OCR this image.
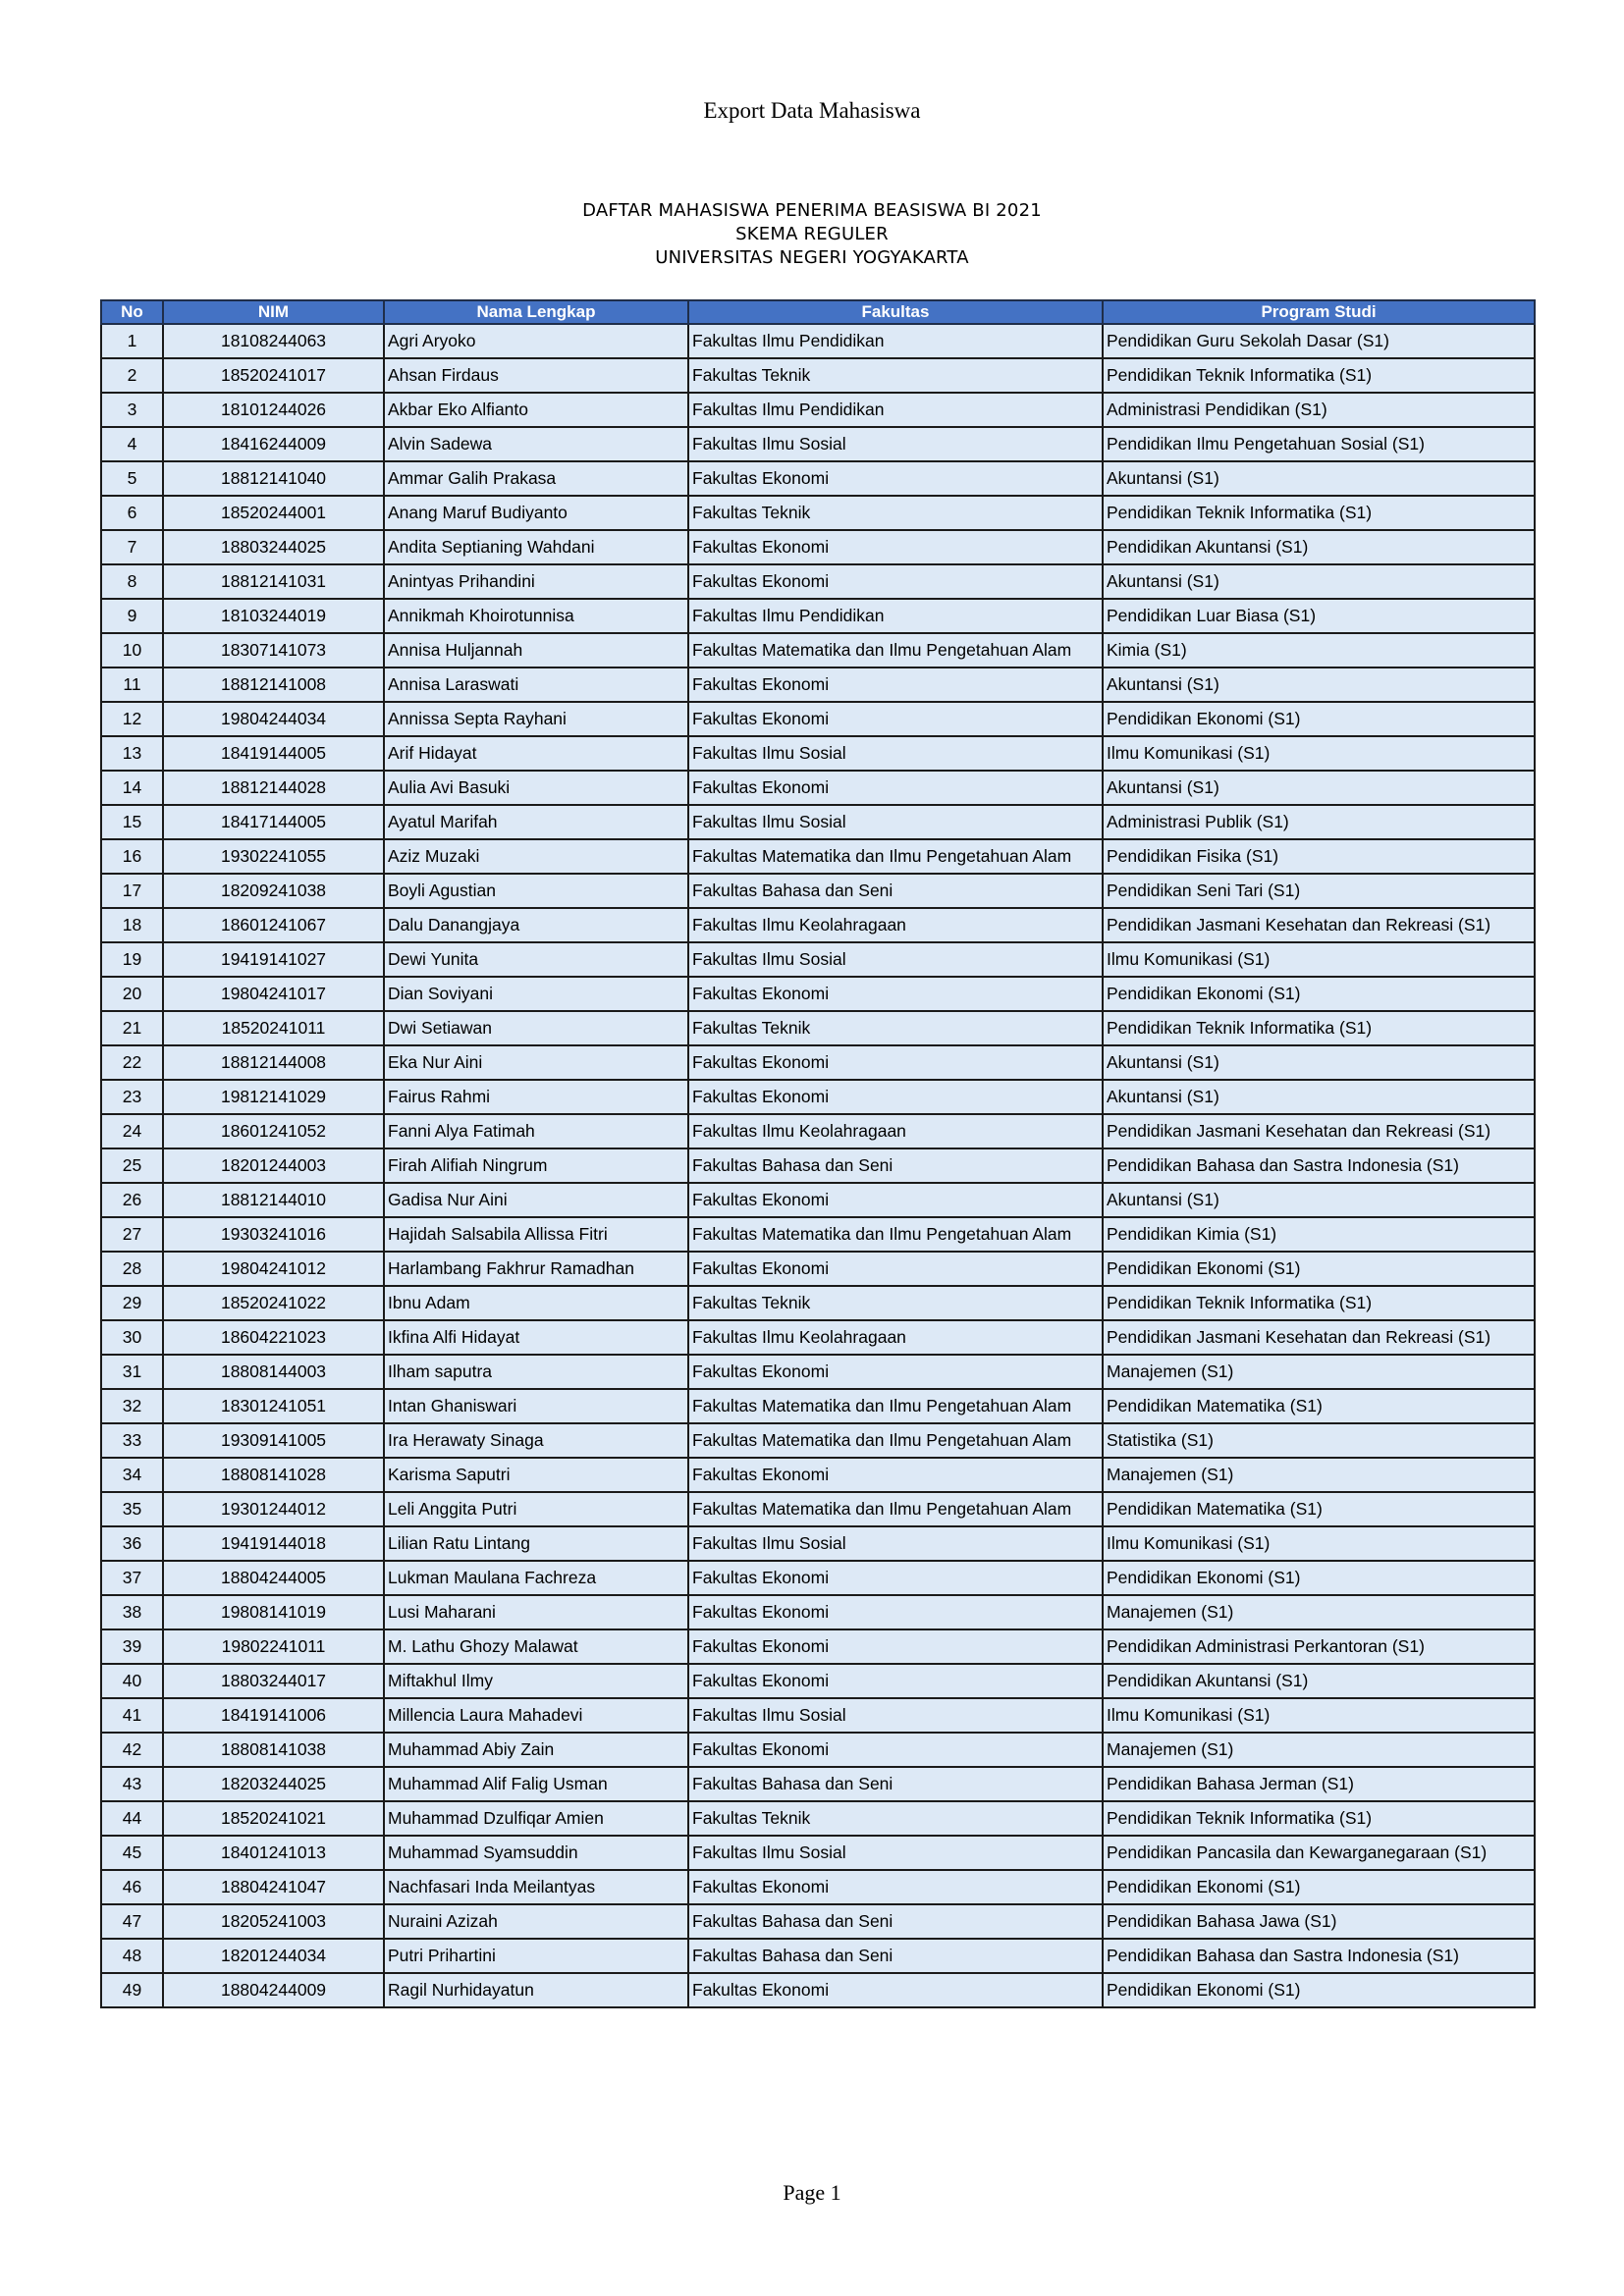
Export Data Mahasiswa
DAFTAR MAHASISWA PENERIMA BEASISWA BI 2021
SKEMA REGULER
UNIVERSITAS NEGERI YOGYAKARTA
No	NIM	Nama Lengkap	Fakultas	Program Studi
1	18108244063	Agri Aryoko	Fakultas Ilmu Pendidikan	Pendidikan Guru Sekolah Dasar (S1)
2	18520241017	Ahsan Firdaus	Fakultas Teknik	Pendidikan Teknik Informatika (S1)
3	18101244026	Akbar Eko Alfianto	Fakultas Ilmu Pendidikan	Administrasi Pendidikan (S1)
4	18416244009	Alvin Sadewa	Fakultas Ilmu Sosial	Pendidikan Ilmu Pengetahuan Sosial (S1)
5	18812141040	Ammar Galih Prakasa	Fakultas Ekonomi	Akuntansi (S1)
6	18520244001	Anang Maruf Budiyanto	Fakultas Teknik	Pendidikan Teknik Informatika (S1)
7	18803244025	Andita Septianing Wahdani	Fakultas Ekonomi	Pendidikan Akuntansi (S1)
8	18812141031	Anintyas Prihandini	Fakultas Ekonomi	Akuntansi (S1)
9	18103244019	Annikmah Khoirotunnisa	Fakultas Ilmu Pendidikan	Pendidikan Luar Biasa (S1)
10	18307141073	Annisa Huljannah	Fakultas Matematika dan Ilmu Pengetahuan Alam	Kimia (S1)
11	18812141008	Annisa Laraswati	Fakultas Ekonomi	Akuntansi (S1)
12	19804244034	Annissa Septa Rayhani	Fakultas Ekonomi	Pendidikan Ekonomi (S1)
13	18419144005	Arif Hidayat	Fakultas Ilmu Sosial	Ilmu Komunikasi (S1)
14	18812144028	Aulia Avi Basuki	Fakultas Ekonomi	Akuntansi (S1)
15	18417144005	Ayatul Marifah	Fakultas Ilmu Sosial	Administrasi Publik (S1)
16	19302241055	Aziz Muzaki	Fakultas Matematika dan Ilmu Pengetahuan Alam	Pendidikan Fisika (S1)
17	18209241038	Boyli Agustian	Fakultas Bahasa dan Seni	Pendidikan Seni Tari (S1)
18	18601241067	Dalu Danangjaya	Fakultas Ilmu Keolahragaan	Pendidikan Jasmani Kesehatan dan Rekreasi (S1)
19	19419141027	Dewi Yunita	Fakultas Ilmu Sosial	Ilmu Komunikasi (S1)
20	19804241017	Dian Soviyani	Fakultas Ekonomi	Pendidikan Ekonomi (S1)
21	18520241011	Dwi Setiawan	Fakultas Teknik	Pendidikan Teknik Informatika (S1)
22	18812144008	Eka Nur Aini	Fakultas Ekonomi	Akuntansi (S1)
23	19812141029	Fairus Rahmi	Fakultas Ekonomi	Akuntansi (S1)
24	18601241052	Fanni Alya Fatimah	Fakultas Ilmu Keolahragaan	Pendidikan Jasmani Kesehatan dan Rekreasi (S1)
25	18201244003	Firah Alifiah Ningrum	Fakultas Bahasa dan Seni	Pendidikan Bahasa dan Sastra Indonesia (S1)
26	18812144010	Gadisa Nur Aini	Fakultas Ekonomi	Akuntansi (S1)
27	19303241016	Hajidah Salsabila Allissa Fitri	Fakultas Matematika dan Ilmu Pengetahuan Alam	Pendidikan Kimia (S1)
28	19804241012	Harlambang Fakhrur Ramadhan	Fakultas Ekonomi	Pendidikan Ekonomi (S1)
29	18520241022	Ibnu Adam	Fakultas Teknik	Pendidikan Teknik Informatika (S1)
30	18604221023	Ikfina Alfi Hidayat	Fakultas Ilmu Keolahragaan	Pendidikan Jasmani Kesehatan dan Rekreasi (S1)
31	18808144003	Ilham saputra	Fakultas Ekonomi	Manajemen (S1)
32	18301241051	Intan Ghaniswari	Fakultas Matematika dan Ilmu Pengetahuan Alam	Pendidikan Matematika (S1)
33	19309141005	Ira Herawaty Sinaga	Fakultas Matematika dan Ilmu Pengetahuan Alam	Statistika (S1)
34	18808141028	Karisma Saputri	Fakultas Ekonomi	Manajemen (S1)
35	19301244012	Leli Anggita Putri	Fakultas Matematika dan Ilmu Pengetahuan Alam	Pendidikan Matematika (S1)
36	19419144018	Lilian Ratu Lintang	Fakultas Ilmu Sosial	Ilmu Komunikasi (S1)
37	18804244005	Lukman Maulana Fachreza	Fakultas Ekonomi	Pendidikan Ekonomi (S1)
38	19808141019	Lusi Maharani	Fakultas Ekonomi	Manajemen (S1)
39	19802241011	M. Lathu Ghozy Malawat	Fakultas Ekonomi	Pendidikan Administrasi Perkantoran (S1)
40	18803244017	Miftakhul Ilmy	Fakultas Ekonomi	Pendidikan Akuntansi (S1)
41	18419141006	Millencia Laura Mahadevi	Fakultas Ilmu Sosial	Ilmu Komunikasi (S1)
42	18808141038	Muhammad Abiy Zain	Fakultas Ekonomi	Manajemen (S1)
43	18203244025	Muhammad Alif Falig Usman	Fakultas Bahasa dan Seni	Pendidikan Bahasa Jerman (S1)
44	18520241021	Muhammad Dzulfiqar Amien	Fakultas Teknik	Pendidikan Teknik Informatika (S1)
45	18401241013	Muhammad Syamsuddin	Fakultas Ilmu Sosial	Pendidikan Pancasila dan Kewarganegaraan (S1)
46	18804241047	Nachfasari Inda Meilantyas	Fakultas Ekonomi	Pendidikan Ekonomi (S1)
47	18205241003	Nuraini Azizah	Fakultas Bahasa dan Seni	Pendidikan Bahasa Jawa (S1)
48	18201244034	Putri Prihartini	Fakultas Bahasa dan Seni	Pendidikan Bahasa dan Sastra Indonesia (S1)
49	18804244009	Ragil Nurhidayatun	Fakultas Ekonomi	Pendidikan Ekonomi (S1)
Page 1
